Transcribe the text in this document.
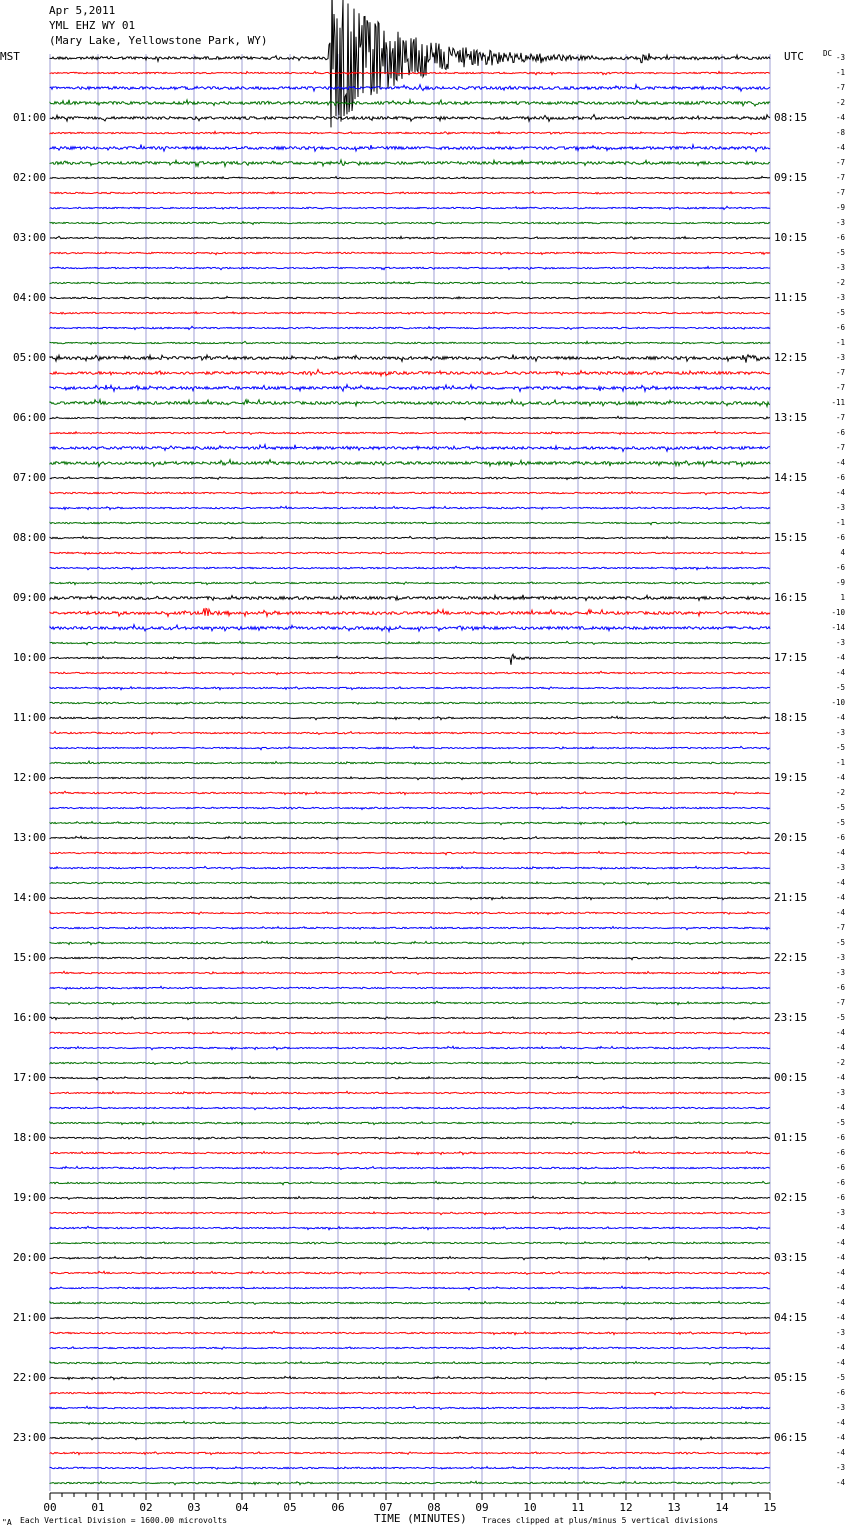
Apr 5,2011
YML EHZ WY 01
(Mary Lake, Yellowstone Park, WY)
MST	UTC	DC
01:00
02:00
03:00
04:00
05:00
06:00
07:00
08:00
09:00
10:00
11:00
12:00
13:00
14:00
15:00
16:00
17:00
18:00
19:00
20:00
21:00
22:00
23:00
08:15
09:15
10:15
11:15
12:15
13:15
14:15
15:15
16:15
17:15
18:15
19:15
20:15
21:15
22:15
23:15
00:15
01:15
02:15
03:15
04:15
05:15
06:15
-3
-1
-7
-2
-4
-8
-4
-7
-7
-7
-9
-3
-6
-5
-3
-2
-3
-5
-6
-1
-3
-7
-7
-11
-7
-6
-7
-4
-6
-4
-3
-1
-6
4
-6
-9
1
-10
-14
-3
-4
-4
-5
-10
-4
-3
-5
-1
-4
-2
-5
-5
-6
-4
-3
-4
-4
-4
-7
-5
-3
-3
-6
-7
-5
-4
-4
-2
-4
-3
-4
-5
-6
-6
-6
-6
-6
-3
-4
-4
-4
-4
-4
-4
-4
-3
-4
-4
-5
-6
-3
-4
-4
-4
-3
-4
00	01	02	03	04	05	06	07	08	09	10	11	12	13	14	15
"A Each Vertical Division = 1600.00 microvolts	TIME (MINUTES) Traces clipped at plus/minus 5 vertical divisions
